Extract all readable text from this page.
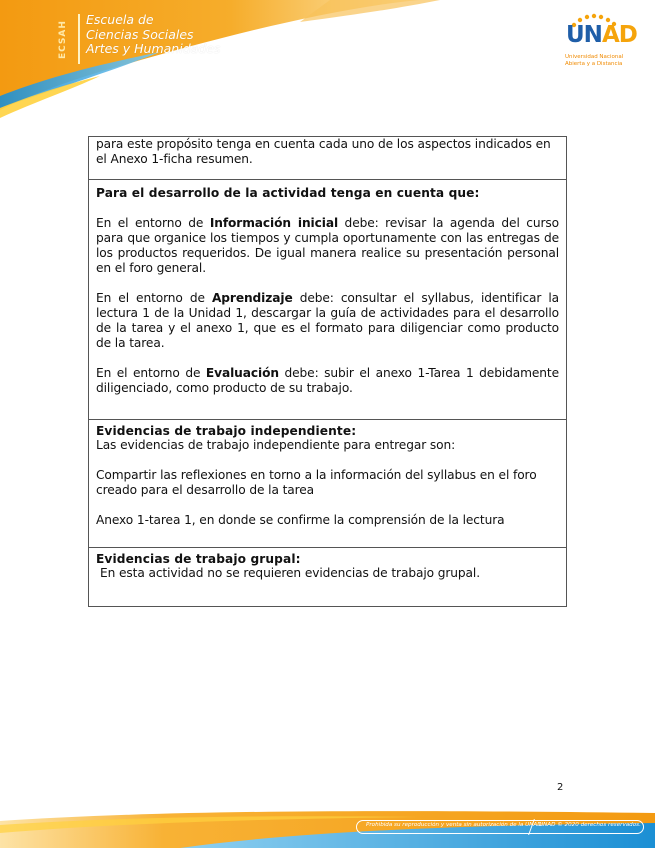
ECSAH
Escuela de
Ciencias Sociales
Artes y Humanidades
UNAD
Universidad Nacional
Abierta y a Distancia

para este propósito tenga en cuenta cada uno de los aspectos indicados en el Anexo 1-ficha resumen.

Para el desarrollo de la actividad tenga en cuenta que:

En el entorno de Información inicial debe: revisar la agenda del curso para que organice los tiempos y cumpla oportunamente con las entregas de los productos requeridos. De igual manera realice su presentación personal en el foro general.

En el entorno de Aprendizaje debe: consultar el syllabus, identificar la lectura 1 de la Unidad 1, descargar la guía de actividades para el desarrollo de la tarea y el anexo 1, que es el formato para diligenciar como producto de la tarea.

En el entorno de Evaluación debe: subir el anexo 1-Tarea 1 debidamente diligenciado, como producto de su trabajo.

Evidencias de trabajo independiente:

Las evidencias de trabajo independiente para entregar son:

Compartir las reflexiones en torno a la información del syllabus en el foro creado para el desarrollo de la tarea

Anexo 1-tarea 1, en donde se confirme la comprensión de la lectura

Evidencias de trabajo grupal:

En esta actividad no se requieren evidencias de trabajo grupal.

2
Prohibida su reproducción y venta sin autorización de la UNAD.
UNAD © 2020 derechos reservados.
